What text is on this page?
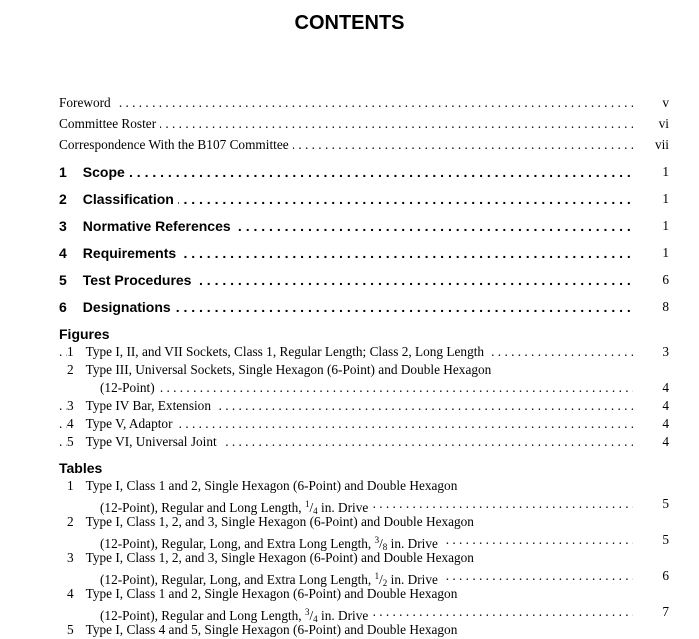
CONTENTS
. . .
Foreword	v
. . .
Committee Roster	vi
. . .
Correspondence With the B107 Committee	vii
. . .
1 Scope	1
. . .
2 Classification	1
. . .
3 Normative References	1
. . .
4 Requirements	1
. . .
5 Test Procedures	6
. . .
6 Designations	8
Figures
. . .
1 Type I, II, and VII Sockets, Class 1, Regular Length; Class 2, Long Length	3
2 Type III, Universal Sockets, Single Hexagon (6-Point) and Double Hexagon
. . .
(12-Point)	4
. . .
3 Type IV Bar, Extension	4
. . .
4 Type V, Adaptor	4
. . .
5 Type VI, Universal Joint	4
Tables
1 Type I, Class 1 and 2, Single Hexagon (6-Point) and Double Hexagon
. . .
(12-Point), Regular and Long Length, $^1/_4$ in. Drive	5
2 Type I, Class 1, 2, and 3, Single Hexagon (6-Point) and Double Hexagon
. . .
(12-Point), Regular, Long, and Extra Long Length, $^3/_8$ in. Drive	5
3 Type I, Class 1, 2, and 3, Single Hexagon (6-Point) and Double Hexagon
. . .
(12-Point), Regular, Long, and Extra Long Length, $^1/_2$ in. Drive	6
4 Type I, Class 1 and 2, Single Hexagon (6-Point) and Double Hexagon
. . .
(12-Point), Regular and Long Length, $^3/_4$ in. Drive	7
5 Type I, Class 4 and 5, Single Hexagon (6-Point) and Double Hexagon
